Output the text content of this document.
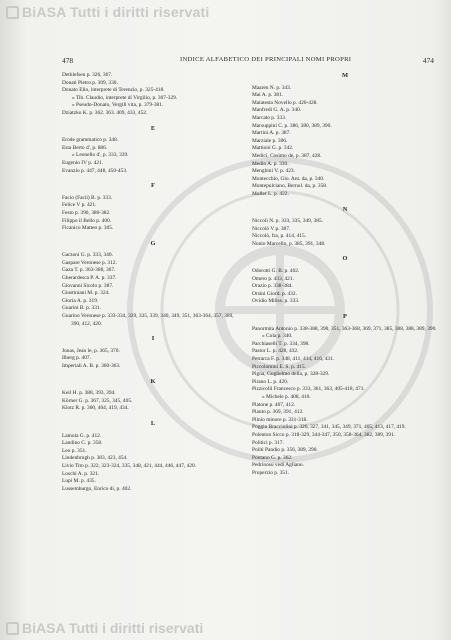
BiASA Tutti i diritti riservati
478	INDICE ALFABETICO DEI PRINCIPALI NOMI PROPRI	474
Dethlefsen p. 326, 367.
Donati Pietro p. 309, 330.
Donato Elio, interprete di Terenzio, p. 325-418.
» Tib. Claudio, interprete di Virgilio, p. 307-329.
» Pseudo-Donato, Vergili vita, p. 379-381.
Dziatzko K. p. 362. 363. 409, 433, 452.
E
Erode grammatico p. 348.
Esta Berto d', p. 886.
» Leonello d', p. 333, 339.
Eugenio IV p. 421.
Evanzio p. 447, 448, 450-453.
F
Facio (Facii) B. p. 333.
Felice V p. 421.
Festo p. 390, 380-382.
Filippo il Bello p. 400.
Ficanico Matteo p. 305.
G
Garzoni G. p. 333, 340.
Gaspare Veronese p. 312.
Gaza T. p. 363-388, 367.
Gherardesca P. A. p. 337.
Giovanni Sicolo p. 387.
Giustiniani M. p. 324.
Gloria A. p. 319.
Guarini B. p. 331.
Guarino Veronese p. 333-334, 339, 335, 339, 340, 349, 351, 363-364, 357, 389, 390, 412, 420.
I
Jonas, Jean le, p. 365, 370.
Ilberg p. 407.
Imperiali A. B. p. 360-363.
K
Keil H. p. 388, 393, 394.
Körner G. p. 367, 325, 345, 405.
Klotz R. p. 300, 404, 419, 434.
L
Lamola G. p. 412.
Landino C. p. 358.
Leo p. 351.
Lindenbrugh p. 383, 423, 454.
Livio Tito p. 322, 323-324, 335, 348, 421, 444, 446, 447, 420.
Loschi A. p. 321.
Lupi M. p. 435.
Lussemburgo, Enrico di, p. 402.
M
Maaren N. p. 343.
Mai A. p. 381.
Malatesta Novello p. 420-428.
Manfredi G. A. p. 340.
Marcato p. 333.
Marsuppini C. p. 386, 380, 389, 390.
Martini A. p. 387.
Marziale p. 306.
Mattioni G. p. 342.
Medici, Cosimo de, p. 387, 428.
Medin A. p. 330.
Menghini V. p. 423.
Montecchio, Gio. Ant. da, p. 340.
Montepulciano, Bernol. da, p. 358.
Muller L. p. 422.
N
Niccoli N. p. 333, 335, 349, 385.
Niccolò V p. 387.
Niccolò, fra, p. 414, 415.
Nonio Marcello, p. 385, 391, 348.
O
Odorotti G. B. p. 402.
Omero p. 433, 421.
Orazio p. 338-384.
Orsini Giord. p. 432.
Ovidio Miliss. p. 333.
P
Panormita Antonio p. 338-388, 390, 351, 363-368, 369, 371, 385, 388, 388, 389, 390.
» Cola p. 340.
Parchiaselli T. p. 334, 398.
Pastor L. p. 428, 432.
Petrarca F. p. 348, 411, 414, 416, 431.
Piccolomini E. S. p. 415.
Pigna, Guglielmo della, p. 328-329.
Pirano L. p. 420.
Pizzicolli Francesco p. 333, 361, 363, 405-418, 471.
» Michele p. 408, 410.
Platone p. 407, 412.
Plauto p. 369, 391, 412.
Plinio minore p. 331-318.
Poggio Bracciolini p. 326, 327, 341, 345, 349, 371, 405, 413, 417, 419.
Polenton Sicco p. 318-329, 344-347, 350, 358-364, 382, 389, 391.
Politici p. 317.
Politi Pandio p. 356, 389, 390.
Pontano G. p. 362.
Pedrinosu vedi Agliano.
Properzio p. 351.
BiASA Tutti i diritti riservati
